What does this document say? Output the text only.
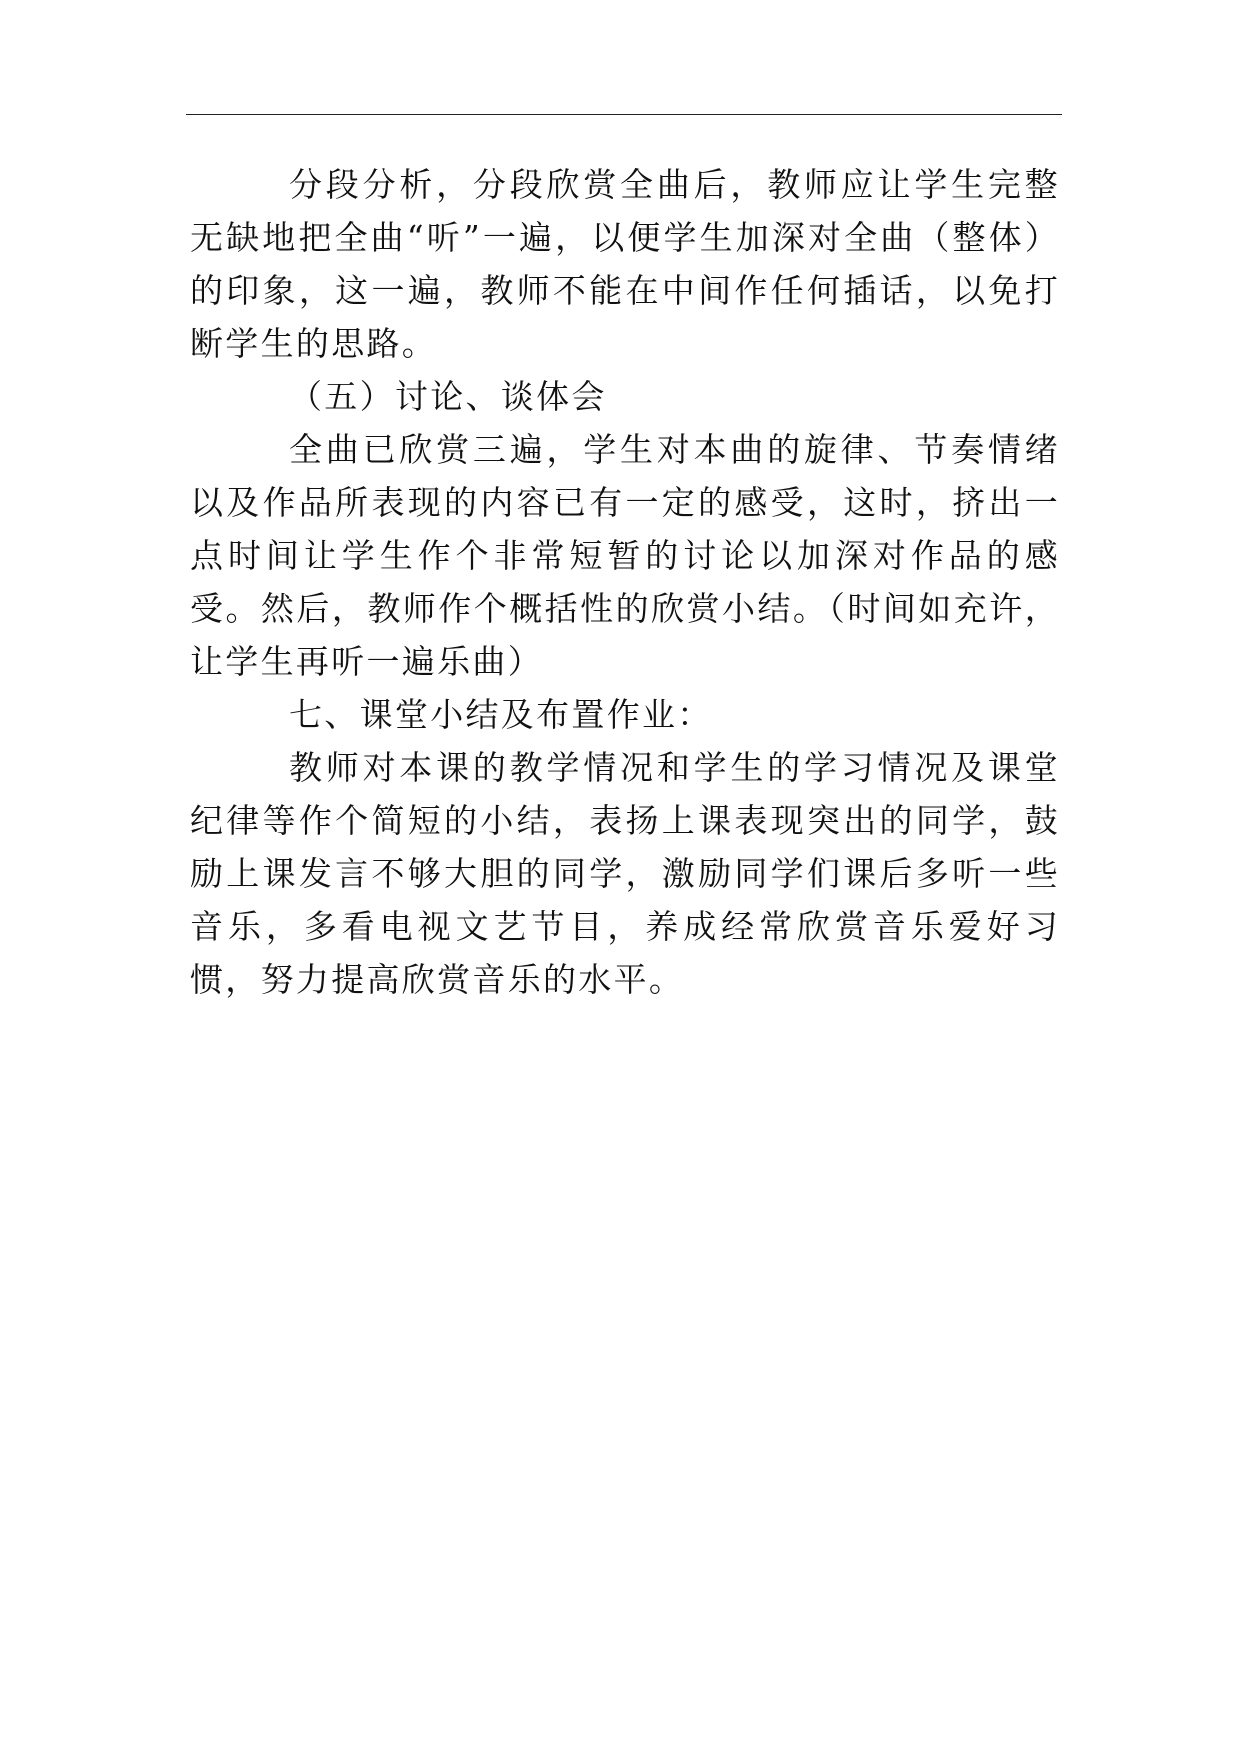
分段分析，分段欣赏全曲后，教师应让学生完整无缺地把全曲“听”一遍，以便学生加深对全曲（整体）的印象，这一遍，教师不能在中间作任何插话，以免打断学生的思路。

（五）讨论、谈体会

全曲已欣赏三遍，学生对本曲的旋律、节奏情绪以及作品所表现的内容已有一定的感受，这时，挤出一点时间让学生作个非常短暂的讨论以加深对作品的感受。然后，教师作个概括性的欣赏小结。（时间如充许，让学生再听一遍乐曲）

七、课堂小结及布置作业：

教师对本课的教学情况和学生的学习情况及课堂纪律等作个简短的小结，表扬上课表现突出的同学，鼓励上课发言不够大胆的同学，激励同学们课后多听一些音乐，多看电视文艺节目，养成经常欣赏音乐爱好习惯，努力提高欣赏音乐的水平。
